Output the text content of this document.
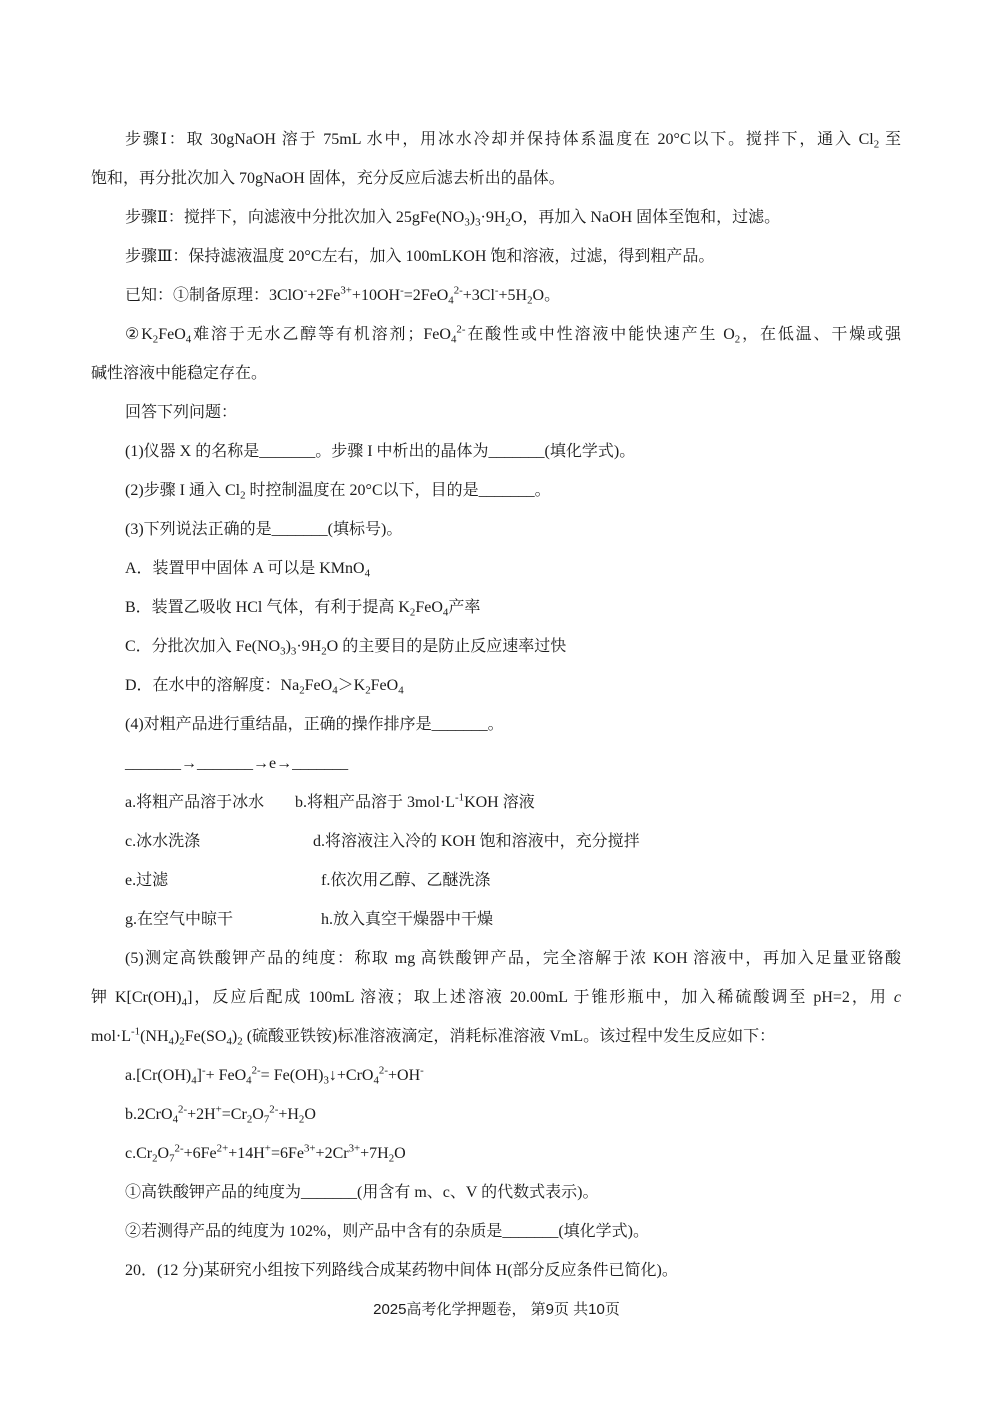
步骤Ⅰ：取 30gNaOH 溶于 75mL 水中，用冰水冷却并保持体系温度在 20°C以下。搅拌下，通入 $Cl_2$ 至
饱和，再分批次加入 70gNaOH 固体，充分反应后滤去析出的晶体。
步骤Ⅱ：搅拌下，向滤液中分批次加入 $25gFe(NO_3)_3\cdot 9H_2O$，再加入 NaOH 固体至饱和，过滤。
步骤Ⅲ：保持滤液温度 20°C左右，加入 100mLKOH 饱和溶液，过滤，得到粗产品。
已知：①制备原理：$3ClO^-+2Fe^{3+}+10OH^-=2FeO_4^{2-}+3Cl^-+5H_2O$。
$②K_2FeO_4$难溶于无水乙醇等有机溶剂；FeO$_4^{2-}$在酸性或中性溶液中能快速产生 $O_2$，在低温、干燥或强
碱性溶液中能稳定存在。
回答下列问题：
(1)仪器 X 的名称是_______。步骤 I 中析出的晶体为_______(填化学式)。
(2)步骤 I 通入 $Cl_2$ 时控制温度在 20°C以下，目的是_______。
(3)下列说法正确的是_______(填标号)。
A．装置甲中固体 A 可以是 KMnO$_4$
B．装置乙吸收 HCl 气体，有利于提高 $K_2FeO_4$产率
C．分批次加入 $Fe(NO_3)_3\cdot 9H_2O$ 的主要目的是防止反应速率过快
D．在水中的溶解度：$Na_2FeO_4>K_2FeO_4$
(4)对粗产品进行重结晶，正确的操作排序是_______。
_______→_______→e→_______
a.将粗产品溶于冰水 b.将粗产品溶于 $3mol\cdot L^{-1}KOH$ 溶液
c.冰水洗涤	d.将溶液注入冷的 KOH 饱和溶液中，充分搅拌
e.过滤	f.依次用乙醇、乙醚洗涤
g.在空气中晾干	h.放入真空干燥器中干燥
(5)测定高铁酸钾产品的纯度：称取 mg 高铁酸钾产品，完全溶解于浓 KOH 溶液中，再加入足量亚铬酸
钾 $K[Cr(OH)_4]$，反应后配成 100mL 溶液；取上述溶液 20.00mL 于锥形瓶中，加入稀硫酸调至 pH=2，用 c
$mol\cdot L^{-1}(NH_4)_2Fe(SO_4)_2$ (硫酸亚铁铵)标准溶液滴定，消耗标准溶液 VmL。该过程中发生反应如下：
$a.[Cr(OH)_4]^-+ FeO_4^{2-}=$ $Fe(OH)_3↓+CrO_4^{2-}+OH^-$
$b.2CrO_4^{2-}+2H^+=Cr_2O_7^{2-}+H_2O$
$c.Cr_2O_7^{2-}+6Fe^{2+}+14H^+=6Fe^{3+}+2Cr^{3+}+7H_2O$
①高铁酸钾产品的纯度为_______(用含有 m、c、V 的代数式表示)。
②若测得产品的纯度为 102%，则产品中含有的杂质是_______(填化学式)。
20．(12 分)某研究小组按下列路线合成某药物中间体 H(部分反应条件已简化)。
2025高考化学押题卷， 第9页 共10页
